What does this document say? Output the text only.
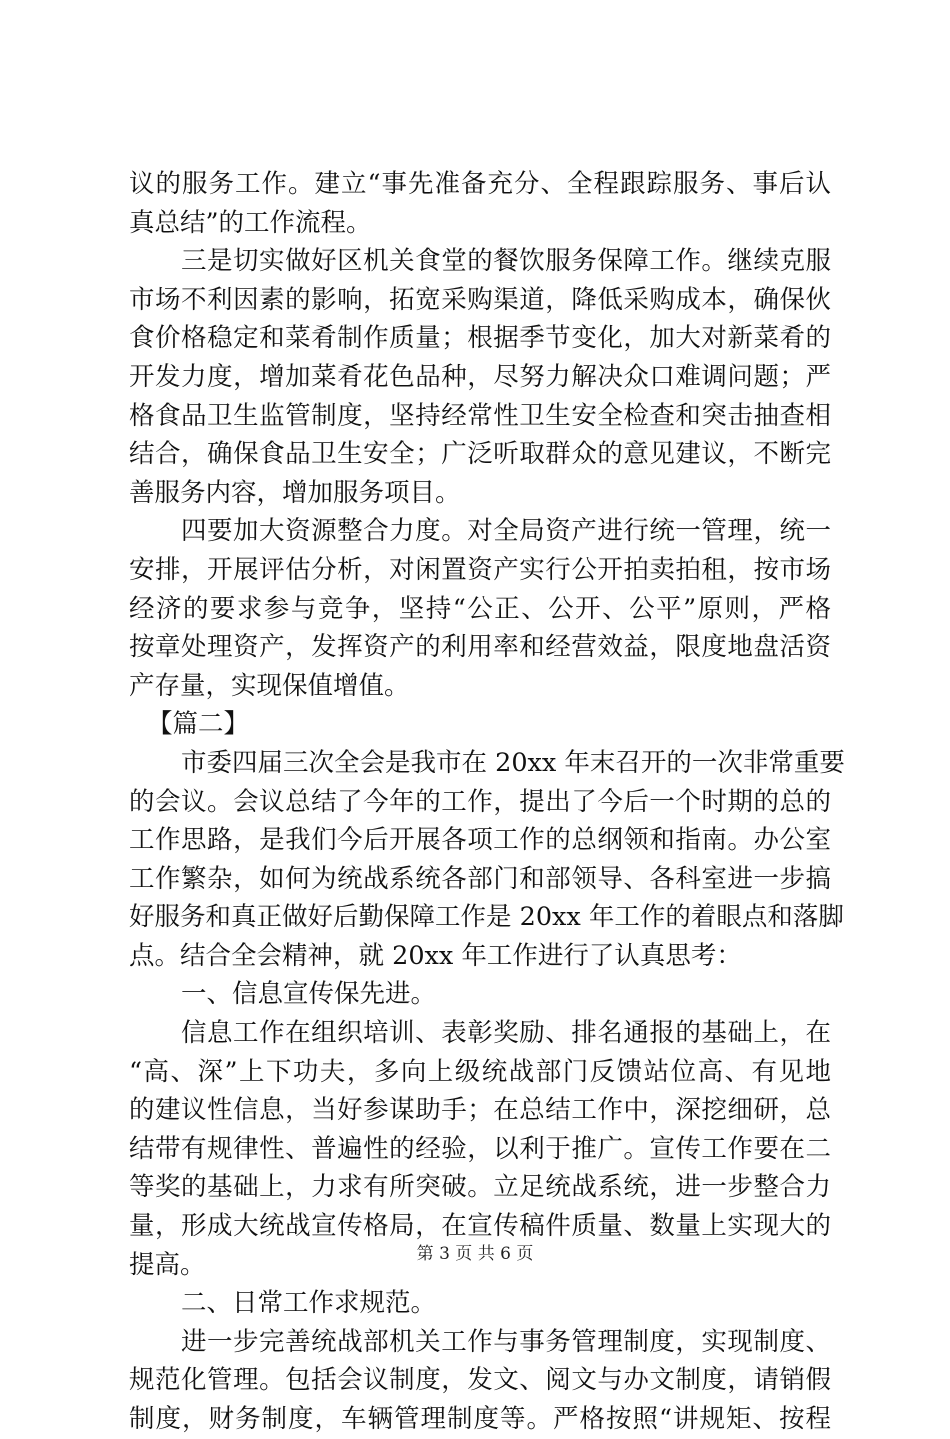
议的服务工作。建立“事先准备充分、全程跟踪服务、事后认
真总结”的工作流程。
三是切实做好区机关食堂的餐饮服务保障工作。继续克服
市场不利因素的影响，拓宽采购渠道，降低采购成本，确保伙
食价格稳定和菜肴制作质量；根据季节变化，加大对新菜肴的
开发力度，增加菜肴花色品种，尽努力解决众口难调问题；严
格食品卫生监管制度，坚持经常性卫生安全检查和突击抽查相
结合，确保食品卫生安全；广泛听取群众的意见建议，不断完
善服务内容，增加服务项目。
四要加大资源整合力度。对全局资产进行统一管理，统一
安排，开展评估分析，对闲置资产实行公开拍卖拍租，按市场
经济的要求参与竞争，坚持“公正、公开、公平”原则，严格
按章处理资产，发挥资产的利用率和经营效益，限度地盘活资
产存量，实现保值增值。
【篇二】
市委四届三次全会是我市在 20xx 年末召开的一次非常重要
的会议。会议总结了今年的工作，提出了今后一个时期的总的
工作思路，是我们今后开展各项工作的总纲领和指南。办公室
工作繁杂，如何为统战系统各部门和部领导、各科室进一步搞
好服务和真正做好后勤保障工作是 20xx 年工作的着眼点和落脚
点。结合全会精神，就 20xx 年工作进行了认真思考：
一、信息宣传保先进。
信息工作在组织培训、表彰奖励、排名通报的基础上，在
“高、深”上下功夫，多向上级统战部门反馈站位高、有见地
的建议性信息，当好参谋助手；在总结工作中，深挖细研，总
结带有规律性、普遍性的经验，以利于推广。宣传工作要在二
等奖的基础上，力求有所突破。立足统战系统，进一步整合力
量，形成大统战宣传格局，在宣传稿件质量、数量上实现大的
提高。
二、日常工作求规范。
进一步完善统战部机关工作与事务管理制度，实现制度、
规范化管理。包括会议制度，发文、阅文与办文制度，请销假
制度，财务制度，车辆管理制度等。严格按照“讲规矩、按程
第 3 页 共 6 页
